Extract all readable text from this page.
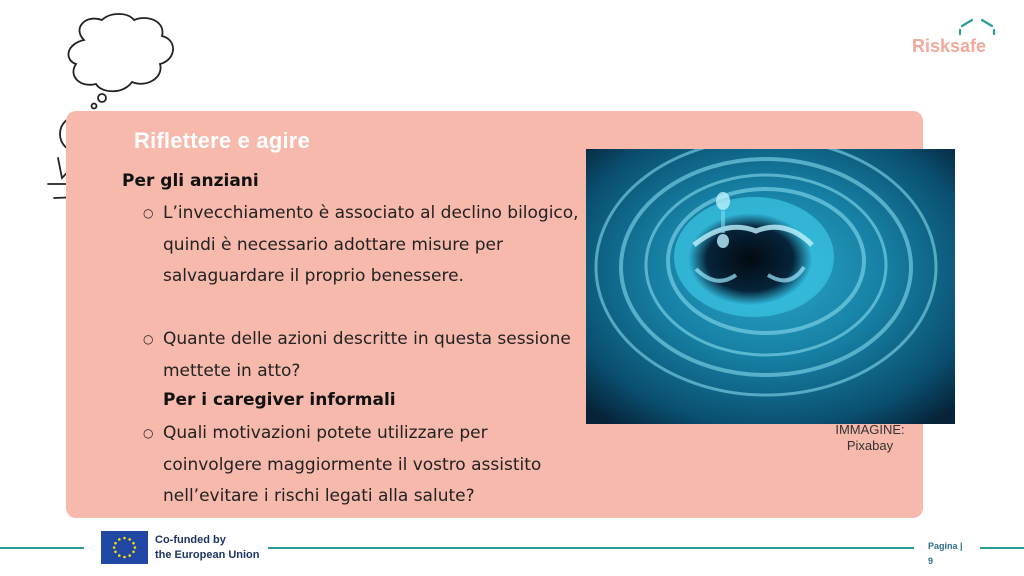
Risksafe
Riflettere e agire
Per gli anziani
○ L’invecchiamento è associato al declino bilogico, quindi è necessario adottare misure per salvaguardare il proprio benessere.
○ Quante delle azioni descritte in questa sessione mettete in atto?
Per i caregiver informali
○ Quali motivazioni potete utilizzare per coinvolgere maggiormente il vostro assistito nell’evitare i rischi legati alla salute?
IMMAGINE:
Pixabay
Co-funded by
the European Union
Pagina |
9
